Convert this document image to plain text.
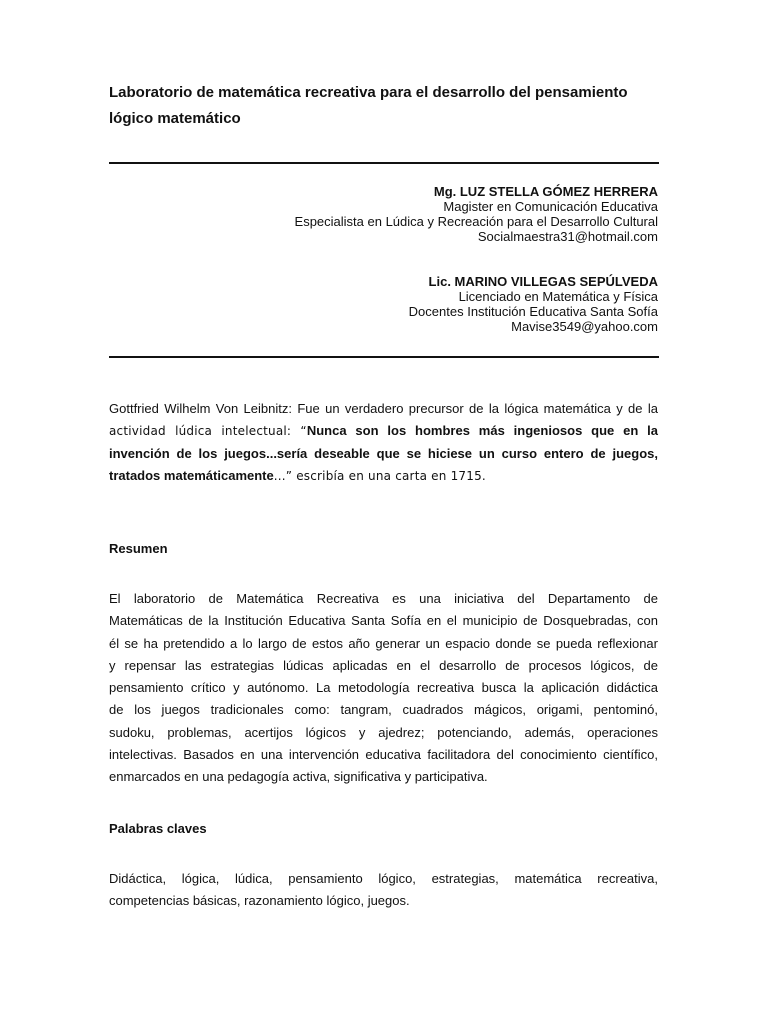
Laboratorio de matemática recreativa para el desarrollo del pensamiento
lógico matemático
Mg. LUZ STELLA GÓMEZ HERRERA
Magister en Comunicación Educativa
Especialista en Lúdica y Recreación para el Desarrollo Cultural
Socialmaestra31@hotmail.com
Lic. MARINO VILLEGAS SEPÚLVEDA
Licenciado en Matemática y Física
Docentes Institución Educativa Santa Sofía
Mavise3549@yahoo.com
Gottfried Wilhelm Von Leibnitz: Fue un verdadero precursor de la lógica matemática y de la
actividad lúdica intelectual: “Nunca son los hombres más ingeniosos que en la
invención de los juegos...sería deseable que se hiciese un curso entero de juegos,
tratados matemáticamente...” escribía en una carta en 1715.
Resumen
El laboratorio de Matemática Recreativa es una iniciativa del Departamento de
Matemáticas de la Institución Educativa Santa Sofía en el municipio de Dosquebradas, con
él se ha pretendido a lo largo de estos año generar un espacio donde se pueda reflexionar
y repensar las estrategias lúdicas aplicadas en el desarrollo de procesos lógicos, de
pensamiento crítico y autónomo. La metodología recreativa busca la aplicación didáctica
de los juegos tradicionales como: tangram, cuadrados mágicos, origami, pentominó,
sudoku, problemas, acertijos lógicos y ajedrez; potenciando, además, operaciones
intelectivas. Basados en una intervención educativa facilitadora del conocimiento científico,
enmarcados en una pedagogía activa, significativa y participativa.
Palabras claves
Didáctica, lógica, lúdica, pensamiento lógico, estrategias, matemática recreativa,
competencias básicas, razonamiento lógico, juegos.
